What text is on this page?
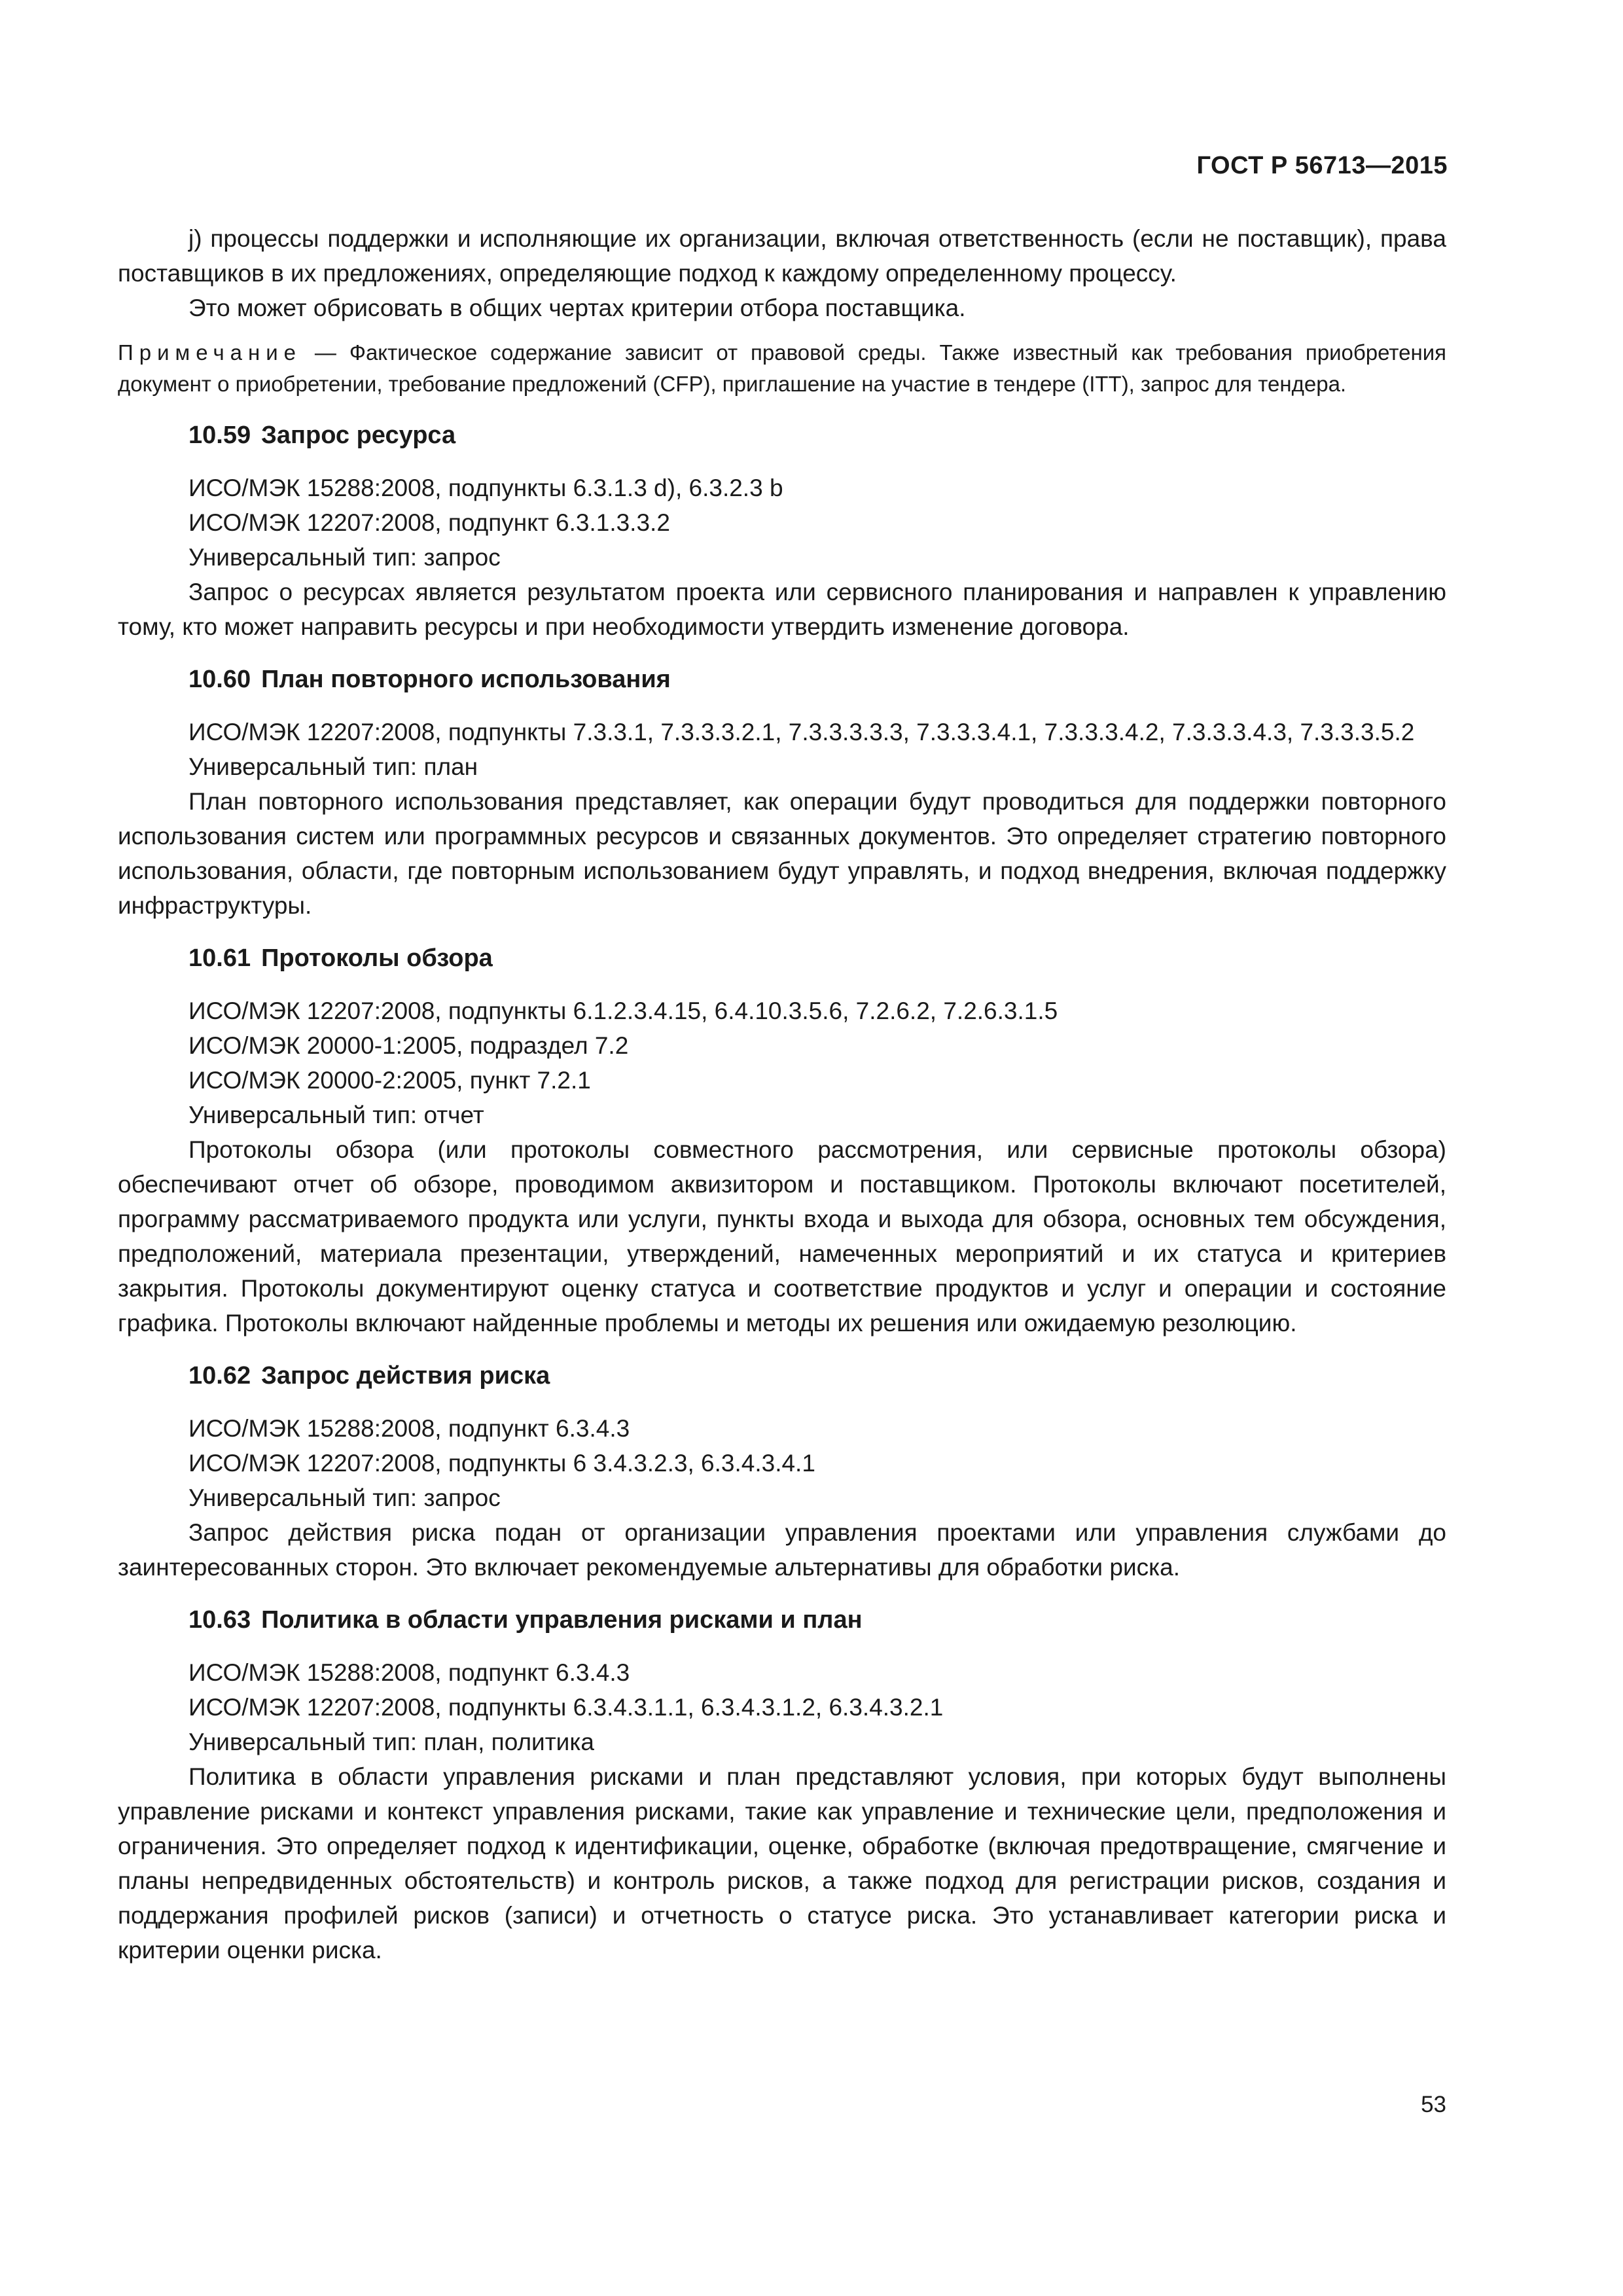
ГОСТ Р 56713—2015

j) процессы поддержки и исполняющие их организации, включая ответственность (если не поставщик), права поставщиков в их предложениях, определяющие подход к каждому определенному процессу.

Это может обрисовать в общих чертах критерии отбора поставщика.

Примечание — Фактическое содержание зависит от правовой среды. Также известный как требования приобретения документ о приобретении, требование предложений (CFP), приглашение на участие в тендере (ITT), запрос для тендера.

10.59 Запрос ресурса

ИСО/МЭК 15288:2008, подпункты 6.3.1.3 d), 6.3.2.3 b

ИСО/МЭК 12207:2008, подпункт 6.3.1.3.3.2

Универсальный тип: запрос

Запрос о ресурсах является результатом проекта или сервисного планирования и направлен к управлению тому, кто может направить ресурсы и при необходимости утвердить изменение договора.

10.60 План повторного использования

ИСО/МЭК 12207:2008, подпункты 7.3.3.1, 7.3.3.3.2.1, 7.3.3.3.3.3, 7.3.3.3.4.1, 7.3.3.3.4.2, 7.3.3.3.4.3, 7.3.3.3.5.2

Универсальный тип: план

План повторного использования представляет, как операции будут проводиться для поддержки повторного использования систем или программных ресурсов и связанных документов. Это определяет стратегию повторного использования, области, где повторным использованием будут управлять, и подход внедрения, включая поддержку инфраструктуры.

10.61 Протоколы обзора

ИСО/МЭК 12207:2008, подпункты 6.1.2.3.4.15, 6.4.10.3.5.6, 7.2.6.2, 7.2.6.3.1.5

ИСО/МЭК 20000-1:2005, подраздел 7.2

ИСО/МЭК 20000-2:2005, пункт 7.2.1

Универсальный тип: отчет

Протоколы обзора (или протоколы совместного рассмотрения, или сервисные протоколы обзора) обеспечивают отчет об обзоре, проводимом аквизитором и поставщиком. Протоколы включают посетителей, программу рассматриваемого продукта или услуги, пункты входа и выхода для обзора, основных тем обсуждения, предположений, материала презентации, утверждений, намеченных мероприятий и их статуса и критериев закрытия. Протоколы документируют оценку статуса и соответствие продуктов и услуг и операции и состояние графика. Протоколы включают найденные проблемы и методы их решения или ожидаемую резолюцию.

10.62 Запрос действия риска

ИСО/МЭК 15288:2008, подпункт 6.3.4.3

ИСО/МЭК 12207:2008, подпункты 6 3.4.3.2.3, 6.3.4.3.4.1

Универсальный тип: запрос

Запрос действия риска подан от организации управления проектами или управления службами до заинтересованных сторон. Это включает рекомендуемые альтернативы для обработки риска.

10.63 Политика в области управления рисками и план

ИСО/МЭК 15288:2008, подпункт 6.3.4.3

ИСО/МЭК 12207:2008, подпункты 6.3.4.3.1.1, 6.3.4.3.1.2, 6.3.4.3.2.1

Универсальный тип: план, политика

Политика в области управления рисками и план представляют условия, при которых будут выполнены управление рисками и контекст управления рисками, такие как управление и технические цели, предположения и ограничения. Это определяет подход к идентификации, оценке, обработке (включая предотвращение, смягчение и планы непредвиденных обстоятельств) и контроль рисков, а также подход для регистрации рисков, создания и поддержания профилей рисков (записи) и отчетность о статусе риска. Это устанавливает категории риска и критерии оценки риска.

53
